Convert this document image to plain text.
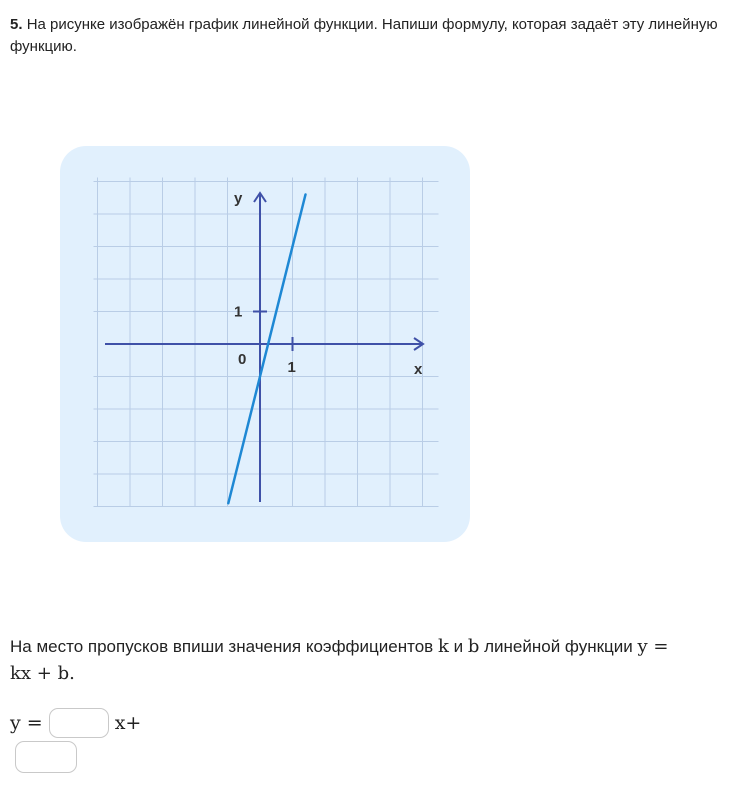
5. На рисунке изображён график линейной функции. Напиши формулу, которая задаёт эту линейную функцию.
y
x
0	1
1
На место пропусков впиши значения коэффициентов k и b линейной функции y =
kx + b.
y =	x+
